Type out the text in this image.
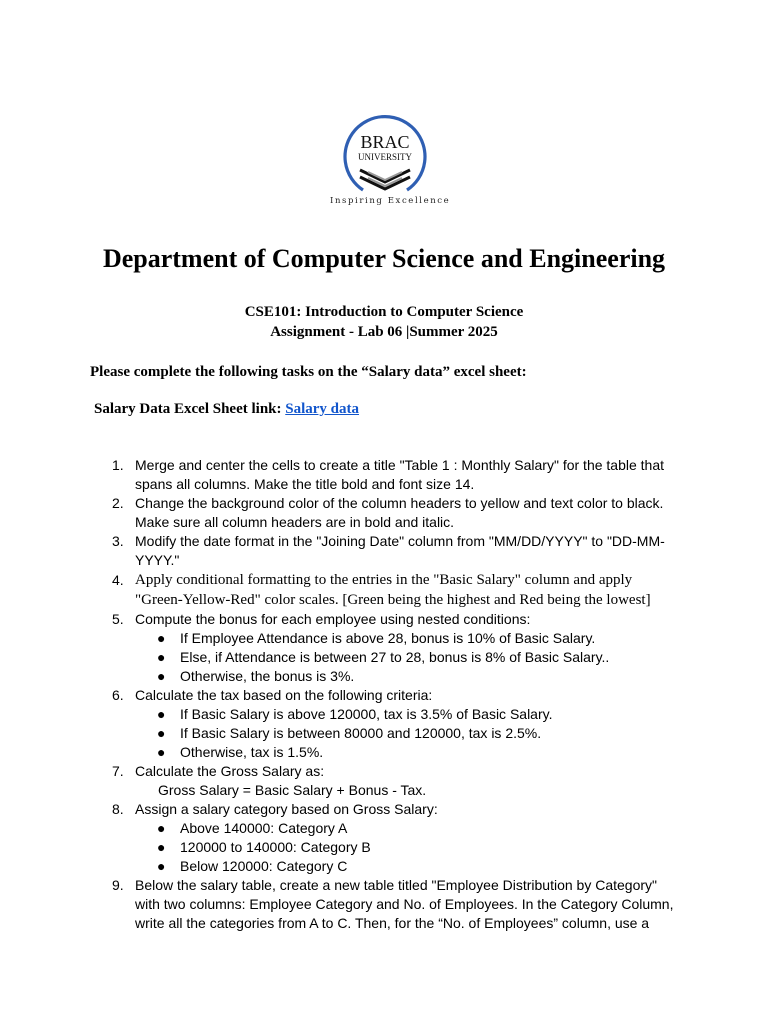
BRAC
UNIVERSITY
Inspiring Excellence
Department of Computer Science and Engineering
CSE101: Introduction to Computer Science
Assignment - Lab 06 |Summer 2025
Please complete the following tasks on the “Salary data” excel sheet:
Salary Data Excel Sheet link: Salary data
1. Merge and center the cells to create a title "Table 1 : Monthly Salary" for the table that spans all columns. Make the title bold and font size 14.
2. Change the background color of the column headers to yellow and text color to black. Make sure all column headers are in bold and italic.
3. Modify the date format in the "Joining Date" column from "MM/DD/YYYY" to "DD-MM-YYYY."
4. Apply conditional formatting to the entries in the "Basic Salary" column and apply "Green-Yellow-Red" color scales. [Green being the highest and Red being the lowest]
5. Compute the bonus for each employee using nested conditions:
● If Employee Attendance is above 28, bonus is 10% of Basic Salary.
● Else, if Attendance is between 27 to 28, bonus is 8% of Basic Salary..
● Otherwise, the bonus is 3%.
6. Calculate the tax based on the following criteria:
● If Basic Salary is above 120000, tax is 3.5% of Basic Salary.
● If Basic Salary is between 80000 and 120000, tax is 2.5%.
● Otherwise, tax is 1.5%.
7. Calculate the Gross Salary as:
Gross Salary = Basic Salary + Bonus - Tax.
8. Assign a salary category based on Gross Salary:
● Above 140000: Category A
● 120000 to 140000: Category B
● Below 120000: Category C
9. Below the salary table, create a new table titled "Employee Distribution by Category" with two columns: Employee Category and No. of Employees. In the Category Column, write all the categories from A to C. Then, for the “No. of Employees” column, use a
